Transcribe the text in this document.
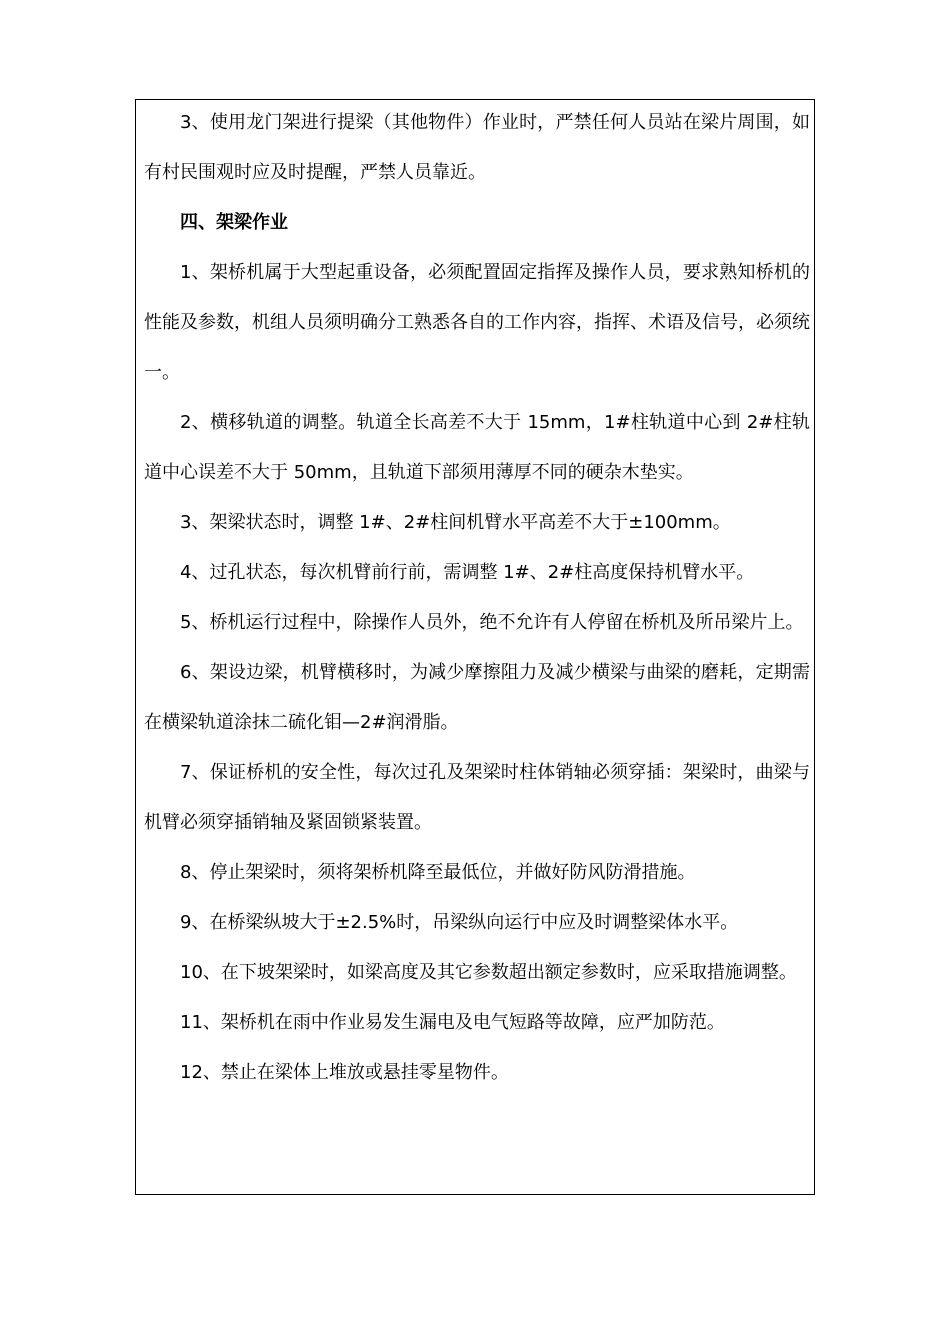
3、使用龙门架进行提梁（其他物件）作业时，严禁任何人员站在梁片周围，如有村民围观时应及时提醒，严禁人员靠近。

四、架梁作业

1、架桥机属于大型起重设备，必须配置固定指挥及操作人员，要求熟知桥机的性能及参数，机组人员须明确分工熟悉各自的工作内容，指挥、术语及信号，必须统一。

2、横移轨道的调整。轨道全长高差不大于 15mm，1#柱轨道中心到 2#柱轨道中心误差不大于 50mm，且轨道下部须用薄厚不同的硬杂木垫实。

3、架梁状态时，调整 1#、2#柱间机臂水平高差不大于±100mm。

4、过孔状态，每次机臂前行前，需调整 1#、2#柱高度保持机臂水平。

5、桥机运行过程中，除操作人员外，绝不允许有人停留在桥机及所吊梁片上。

6、架设边梁，机臂横移时，为减少摩擦阻力及减少横梁与曲梁的磨耗，定期需在横梁轨道涂抹二硫化钼—2#润滑脂。

7、保证桥机的安全性，每次过孔及架梁时柱体销轴必须穿插：架梁时，曲梁与机臂必须穿插销轴及紧固锁紧装置。

8、停止架梁时，须将架桥机降至最低位，并做好防风防滑措施。

9、在桥梁纵坡大于±2.5%时，吊梁纵向运行中应及时调整梁体水平。

10、在下坡架梁时，如梁高度及其它参数超出额定参数时，应采取措施调整。

11、架桥机在雨中作业易发生漏电及电气短路等故障，应严加防范。

12、禁止在梁体上堆放或悬挂零星物件。
